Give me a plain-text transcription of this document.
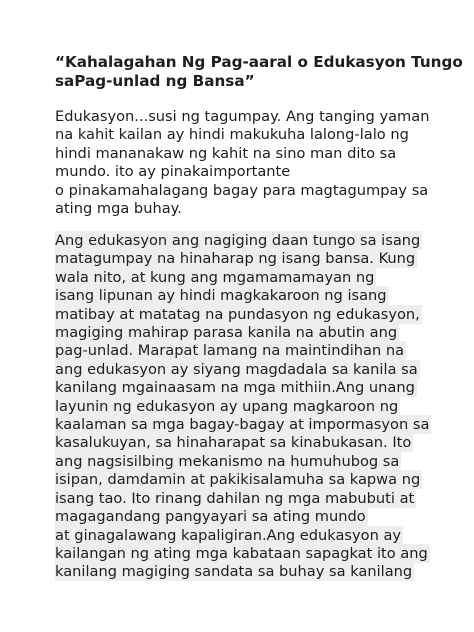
“Kahalagahan Ng Pag-aaral o Edukasyon Tungo
saPag-unlad ng Bansa”

Edukasyon...susi ng tagumpay. Ang tanging yaman
na kahit kailan ay hindi makukuha lalong-lalo ng
hindi mananakaw ng kahit na sino man dito sa
mundo. ito ay pinakaimportante
o pinakamahalagang bagay para magtagumpay sa
ating mga buhay.

Ang edukasyon ang nagiging daan tungo sa isang
matagumpay na hinaharap ng isang bansa. Kung
wala nito, at kung ang mgamamamayan ng
isang lipunan ay hindi magkakaroon ng isang
matibay at matatag na pundasyon ng edukasyon,
magiging mahirap parasa kanila na abutin ang
pag-unlad. Marapat lamang na maintindihan na
ang edukasyon ay siyang magdadala sa kanila sa
kanilang mgainaasam na mga mithiin.Ang unang
layunin ng edukasyon ay upang magkaroon ng
kaalaman sa mga bagay-bagay at impormasyon sa
kasalukuyan, sa hinaharapat sa kinabukasan. Ito
ang nagsisilbing mekanismo na humuhubog sa
isipan, damdamin at pakikisalamuha sa kapwa ng
isang tao. Ito rinang dahilan ng mga mabubuti at
magagandang pangyayari sa ating mundo
at ginagalawang kapaligiran.Ang edukasyon ay
kailangan ng ating mga kabataan sapagkat ito ang
kanilang magiging sandata sa buhay sa kanilang
